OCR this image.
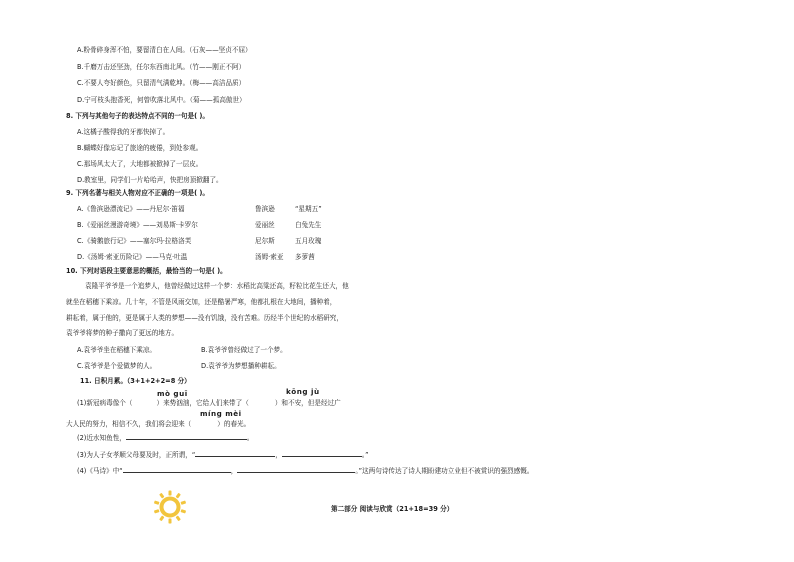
A.粉骨碎身浑不怕，要留清白在人间。（石灰——坚贞不屈）
B.千磨万击还坚劲，任尔东西南北风。（竹——刚正不阿）
C.不要人夸好颜色，只留清气满乾坤。（梅——高洁品质）
D.宁可枝头抱香死，何曾吹落北风中。（菊——孤高傲世）
8. 下列与其他句子的表达特点不同的一句是( )。
A.这橘子酸得我的牙都快掉了。
B.蝴蝶好像忘记了旅途的疲倦，到处参观。
C.那场风太大了，大地都被掀掉了一层皮。
D.教室里，同学们一片哈哈声，快把房顶掀翻了。
9. 下列名著与相关人物对应不正确的一项是( )。
A.《鲁滨逊漂流记》——丹尼尔·笛福	鲁滨逊	“星期五”
B.《爱丽丝漫游奇境》——刘易斯·卡罗尔	爱丽丝	白兔先生
C.《骑鹅旅行记》——塞尔玛·拉格洛芙	尼尔斯	五月玫瑰
D.《汤姆·索亚历险记》——马克·吐温	汤姆·索亚 多萝茜
10. 下列对语段主要意思的概括，最恰当的一句是( )。
袁隆平爷爷是一个追梦人，他曾经做过这样一个梦：水稻比高粱还高，籽粒比花生还大，他
就坐在稻穗下乘凉。几十年，不管是风雨交加，还是酷暑严寒，他都扎根在大地间，播种着，
耕耘着，属于他的，更是属于人类的梦想——没有饥饿，没有苦难。历经半个世纪的水稻研究，
袁爷爷将梦的种子撒向了更远的地方。
A.袁爷爷坐在稻穗下乘凉。	B.袁爷爷曾经做过了一个梦。
C.袁爷爷是个爱做梦的人。	D.袁爷爷为梦想播种耕耘。
11. 日积月累。（3+1+2+2=8 分）
mò guī	kōng jù
(1)新冠病毒像个（	）来势汹汹，它给人们来带了（	）和不安，但是经过广
míng mèi
大人民的努力，相信不久，我们将会迎来（	）的春光。
(2)近水知鱼性，	。
(3)为人子女孝顺父母要及时，正所谓，“	，	。”
(4)《马诗》中“	，	。”这两句诗传达了诗人期盼建功立业但不被赏识的强烈感慨。
第二部分 阅读与欣赏（21+18=39 分）
